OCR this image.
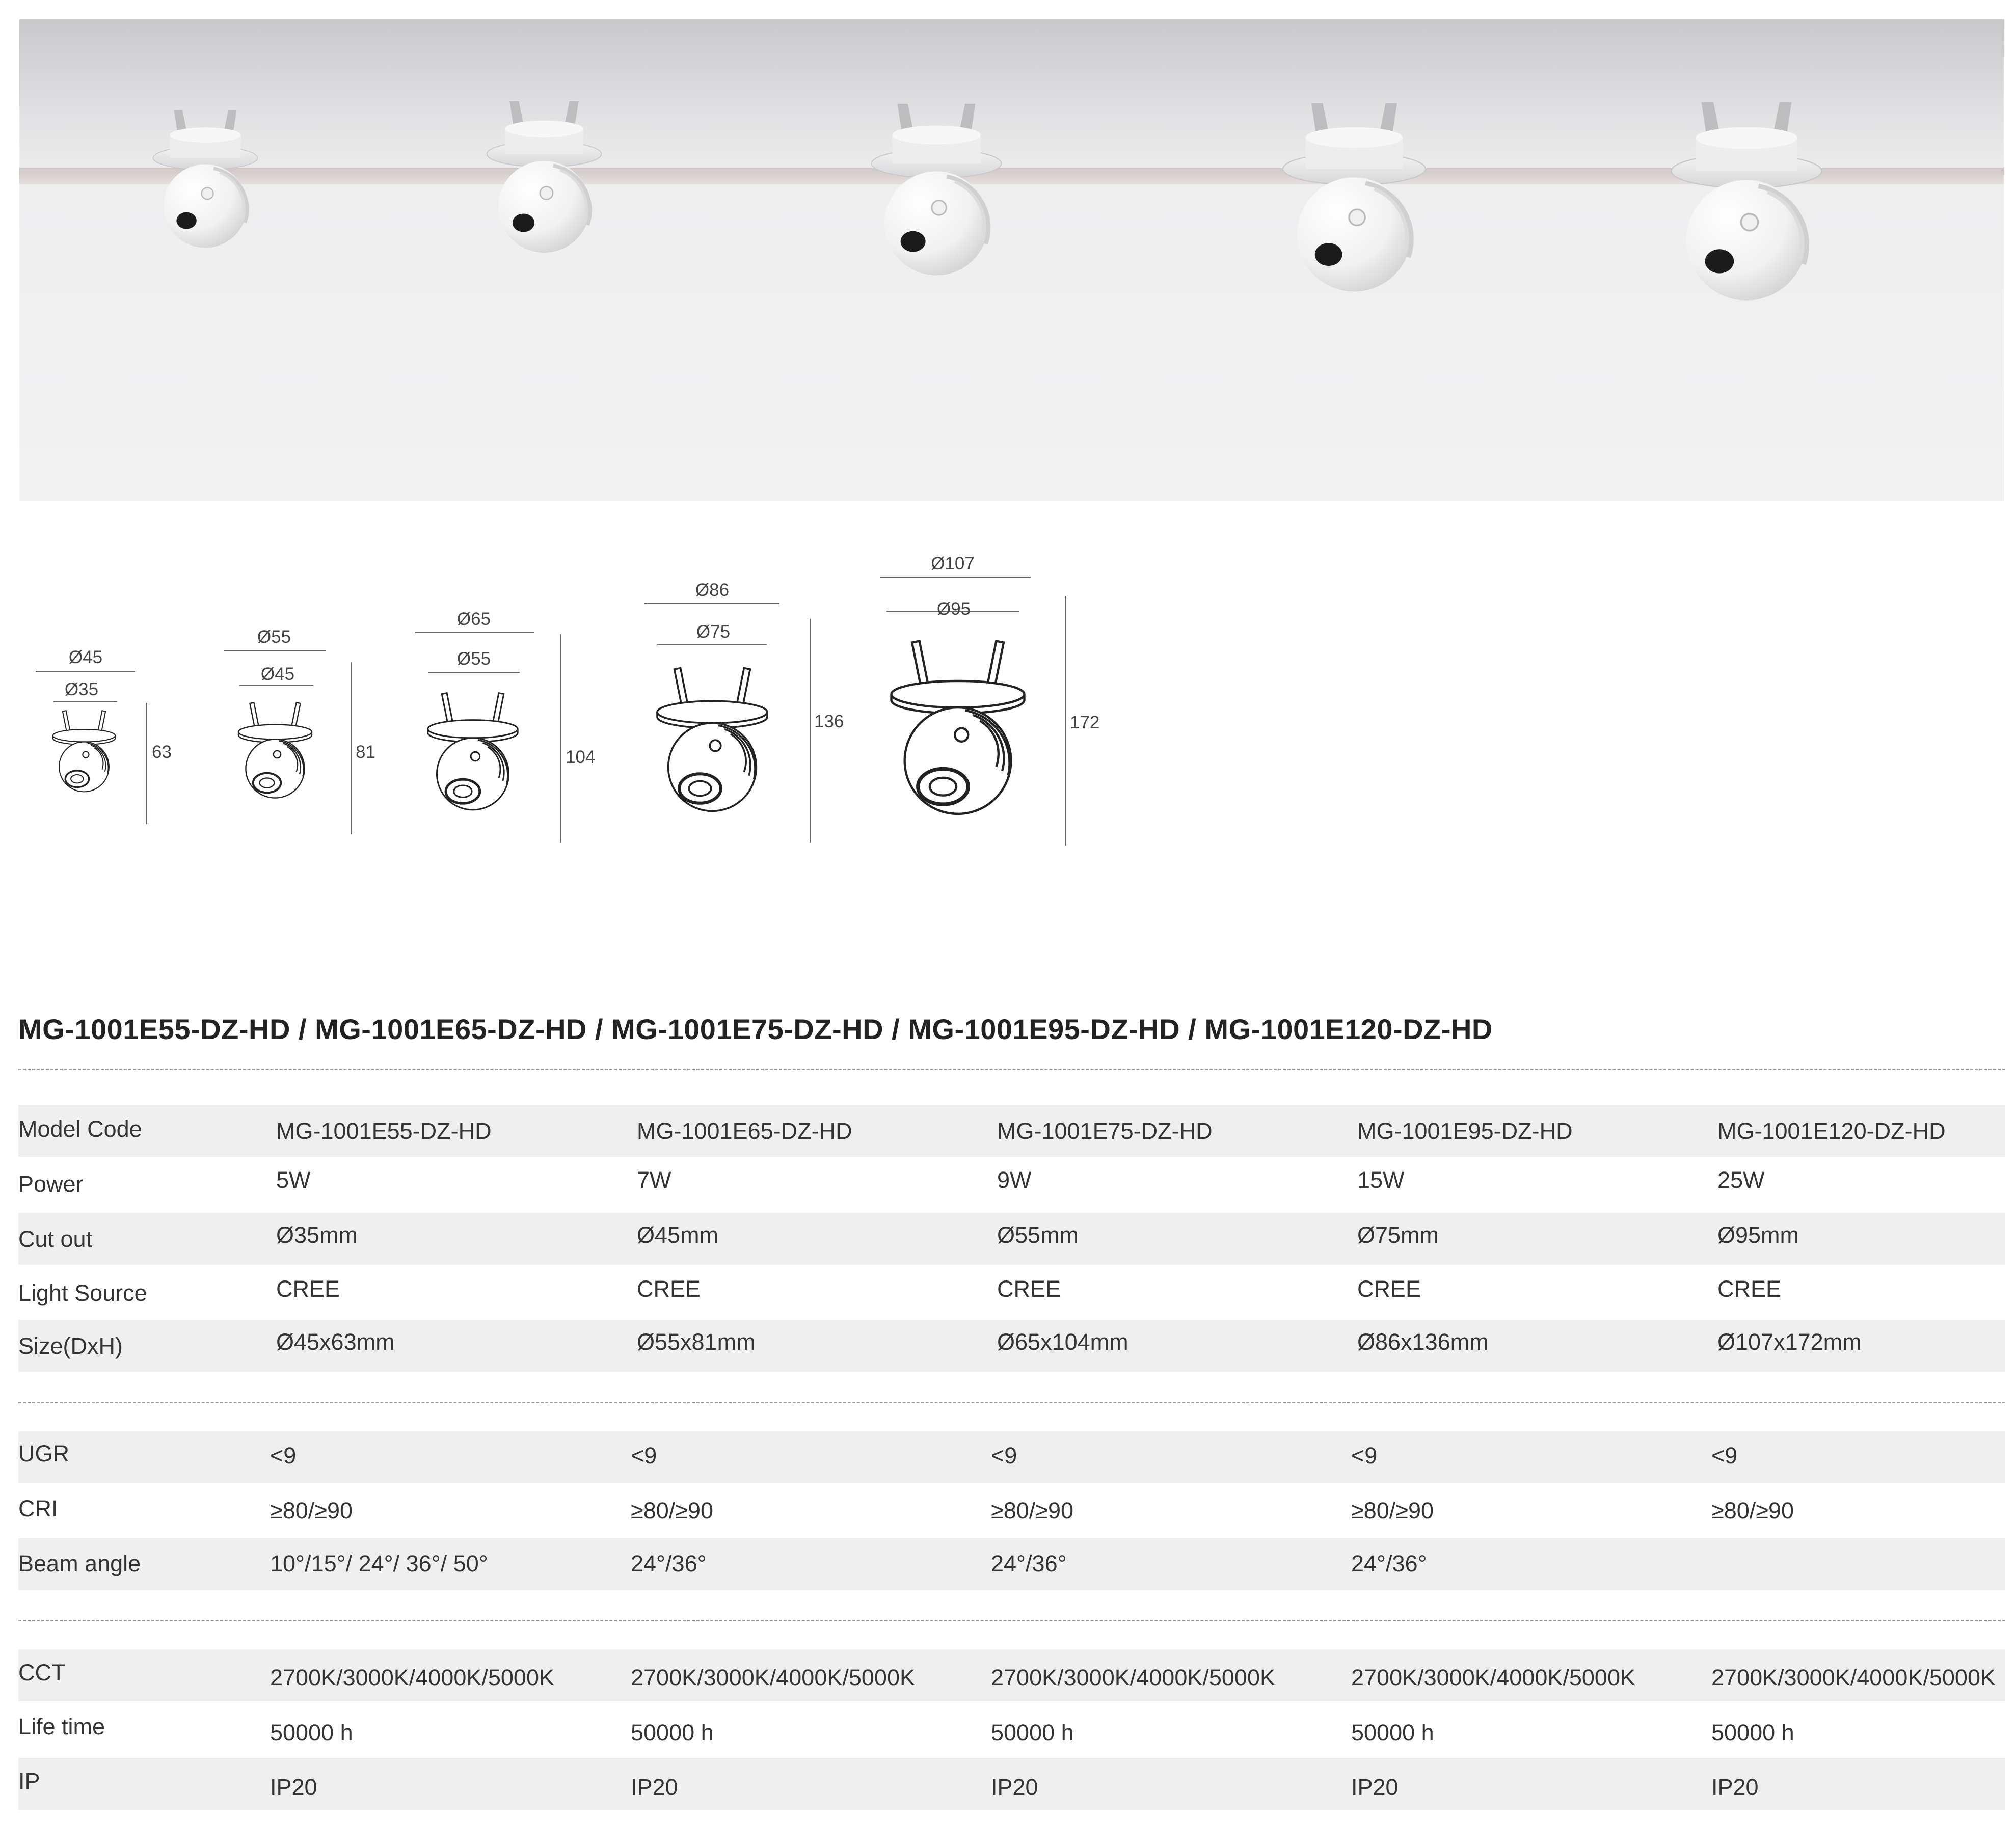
Ø45
Ø35
63
Ø55
Ø45
81
Ø65
Ø55
104
Ø86
Ø75
136
Ø107
Ø95
172
MG-1001E55-DZ-HD / MG-1001E65-DZ-HD / MG-1001E75-DZ-HD / MG-1001E95-DZ-HD / MG-1001E120-DZ-HD
Model Code	MG-1001E55-DZ-HD	MG-1001E65-DZ-HD	MG-1001E75-DZ-HD	MG-1001E95-DZ-HD	MG-1001E120-DZ-HD
Power	5W	7W	9W	15W	25W
Cut out	Ø35mm	Ø45mm	Ø55mm	Ø75mm	Ø95mm
Light Source	CREE	CREE	CREE	CREE	CREE
Size(DxH)	Ø45x63mm	Ø55x81mm	Ø65x104mm	Ø86x136mm	Ø107x172mm
UGR	<9	<9	<9	<9	<9
CRI	≥80/≥90	≥80/≥90	≥80/≥90	≥80/≥90	≥80/≥90
Beam angle	10°/15°/ 24°/ 36°/ 50°	24°/36°	24°/36°	24°/36°
CCT	2700K/3000K/4000K/5000K	2700K/3000K/4000K/5000K	2700K/3000K/4000K/5000K	2700K/3000K/4000K/5000K	2700K/3000K/4000K/5000K
Life time	50000 h	50000 h	50000 h	50000 h	50000 h
IP	IP20	IP20	IP20	IP20	IP20
